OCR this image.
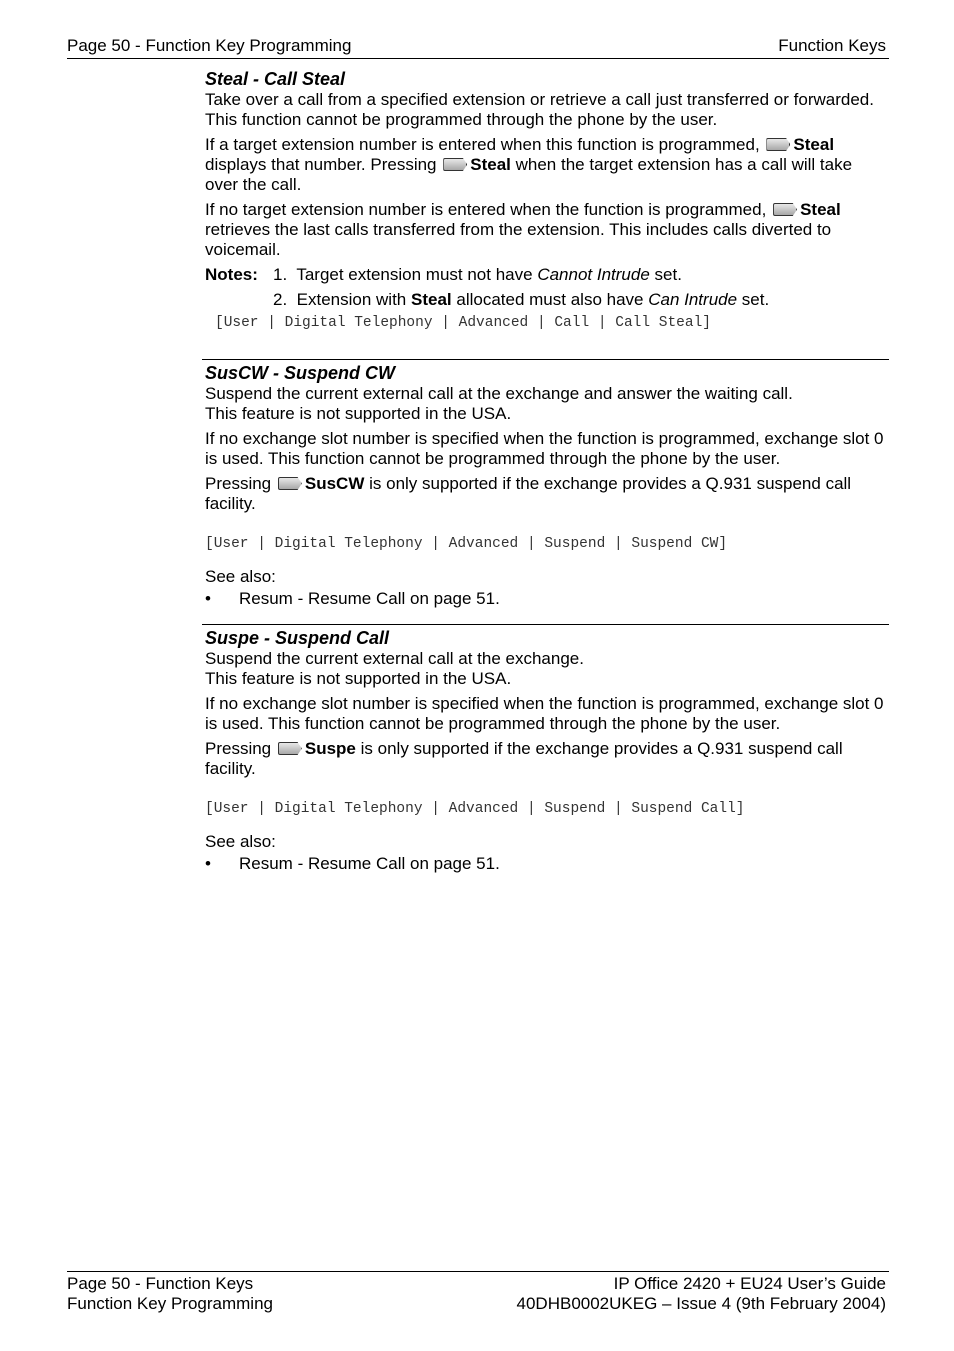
Page 50 - Function Key Programming	Function Keys
Steal - Call Steal

Take over a call from a specified extension or retrieve a call just transferred or forwarded. This function cannot be programmed through the phone by the user.

If a target extension number is entered when this function is programmed, Steal displays that number. Pressing Steal when the target extension has a call will take over the call.

If no target extension number is entered when the function is programmed, Steal retrieves the last calls transferred from the extension. This includes calls diverted to voicemail.

Notes: 1. Target extension must not have Cannot Intrude set.
2. Extension with Steal allocated must also have Can Intrude set.
[User | Digital Telephony | Advanced | Call | Call Steal]
SusCW - Suspend CW
Suspend the current external call at the exchange and answer the waiting call.

This feature is not supported in the USA.

If no exchange slot number is specified when the function is programmed, exchange slot 0 is used. This function cannot be programmed through the phone by the user.

Pressing SusCW is only supported if the exchange provides a Q.931 suspend call facility.

[User | Digital Telephony | Advanced | Suspend | Suspend CW]
See also:
• Resum - Resume Call on page 51.
Suspe - Suspend Call
Suspend the current external call at the exchange.

This feature is not supported in the USA.

If no exchange slot number is specified when the function is programmed, exchange slot 0 is used. This function cannot be programmed through the phone by the user.

Pressing Suspe is only supported if the exchange provides a Q.931 suspend call facility.

[User | Digital Telephony | Advanced | Suspend | Suspend Call]
See also:
• Resum - Resume Call on page 51.
Page 50 - Function Keys	IP Office 2420 + EU24 User’s Guide
Function Key Programming	40DHB0002UKEG – Issue 4 (9th February 2004)
